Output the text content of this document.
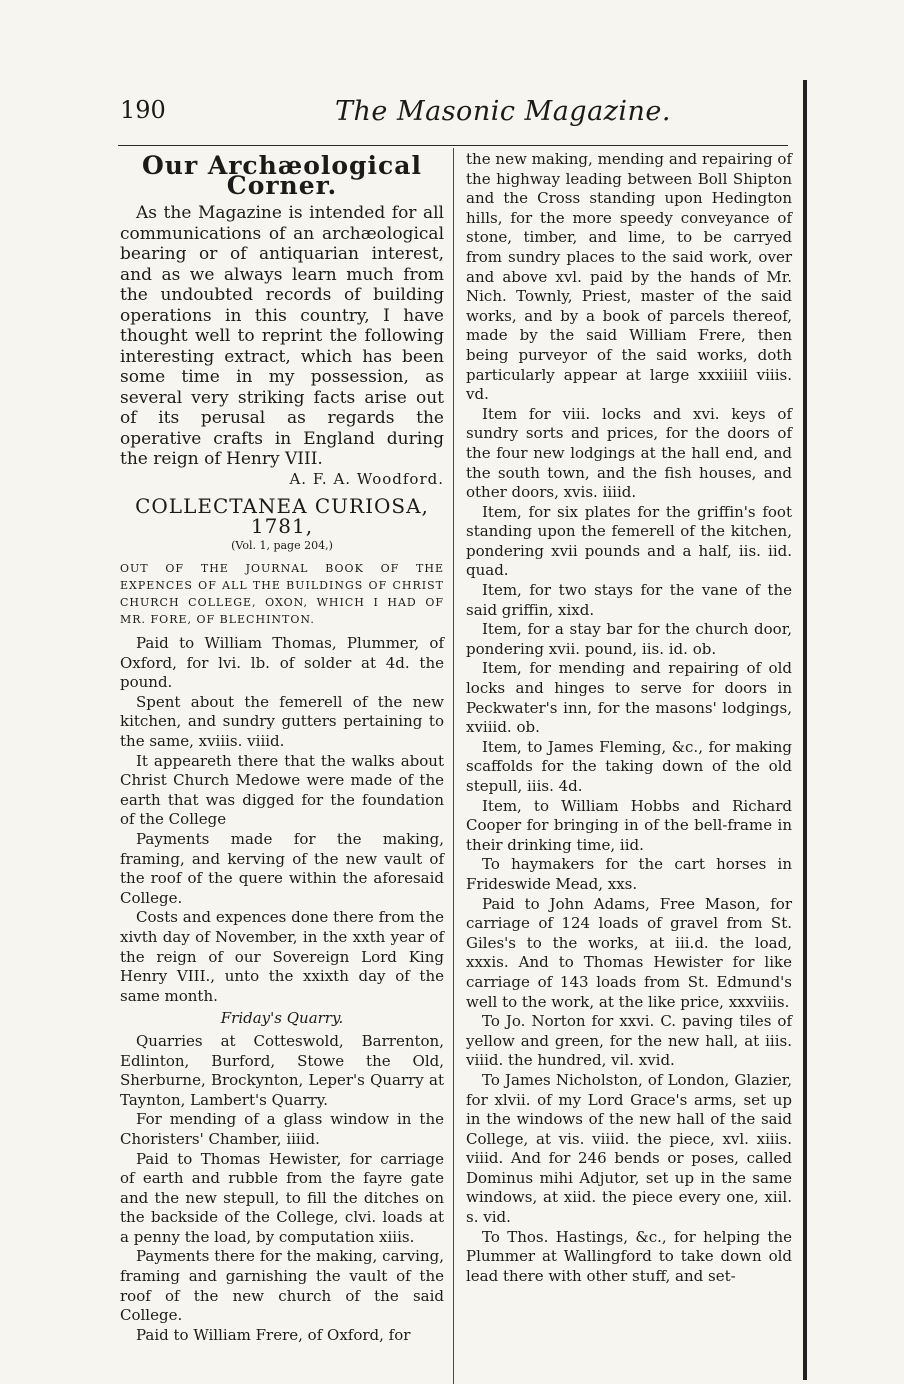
190	The Masonic Magazine.
Our Archæological Corner.

As the Magazine is intended for all communications of an archæological bearing or of antiquarian interest, and as we always learn much from the undoubted records of building operations in this country, I have thought well to reprint the following interesting extract, which has been some time in my possession, as several very striking facts arise out of its perusal as regards the operative crafts in England during the reign of Henry VIII.

A. F. A. Woodford.
COLLECTANEA CURIOSA, 1781,
(Vol. 1, page 204,)
OUT OF THE JOURNAL BOOK OF THE EXPENCES OF ALL THE BUILDINGS OF CHRIST CHURCH COLLEGE, OXON, WHICH I HAD OF MR. FORE, OF BLECHINTON.

Paid to William Thomas, Plummer, of Oxford, for lvi. lb. of solder at 4d. the pound.

Spent about the femerell of the new kitchen, and sundry gutters pertaining to the same, xviiis. viiid.

It appeareth there that the walks about Christ Church Medowe were made of the earth that was digged for the foundation of the College

Payments made for the making, framing, and kerving of the new vault of the roof of the quere within the aforesaid College.

Costs and expences done there from the xivth day of November, in the xxth year of the reign of our Sovereign Lord King Henry VIII., unto the xxixth day of the same month.

Friday's Quarry.

Quarries at Cotteswold, Barrenton, Edlinton, Burford, Stowe the Old, Sherburne, Brockynton, Leper's Quarry at Taynton, Lambert's Quarry.

For mending of a glass window in the Choristers' Chamber, iiiid.

Paid to Thomas Hewister, for carriage of earth and rubble from the fayre gate and the new stepull, to fill the ditches on the backside of the College, clvi. loads at a penny the load, by computation xiiis.

Payments there for the making, carving, framing and garnishing the vault of the roof of the new church of the said College.

Paid to William Frere, of Oxford, for

the new making, mending and repairing of the highway leading between Boll Shipton and the Cross standing upon Hedington hills, for the more speedy conveyance of stone, timber, and lime, to be carryed from sundry places to the said work, over and above xvl. paid by the hands of Mr. Nich. Townly, Priest, master of the said works, and by a book of parcels thereof, made by the said William Frere, then being purveyor of the said works, doth particularly appear at large xxxiiiil viiis. vd.

Item for viii. locks and xvi. keys of sundry sorts and prices, for the doors of the four new lodgings at the hall end, and the south town, and the fish houses, and other doors, xvis. iiiid.

Item, for six plates for the griffin's foot standing upon the femerell of the kitchen, pondering xvii pounds and a half, iis. iid. quad.

Item, for two stays for the vane of the said griffin, xixd.

Item, for a stay bar for the church door, pondering xvii. pound, iis. id. ob.

Item, for mending and repairing of old locks and hinges to serve for doors in Peckwater's inn, for the masons' lodgings, xviiid. ob.

Item, to James Fleming, &c., for making scaffolds for the taking down of the old stepull, iiis. 4d.

Item, to William Hobbs and Richard Cooper for bringing in of the bell-frame in their drinking time, iid.

To haymakers for the cart horses in Frideswide Mead, xxs.

Paid to John Adams, Free Mason, for carriage of 124 loads of gravel from St. Giles's to the works, at iii.d. the load, xxxis. And to Thomas Hewister for like carriage of 143 loads from St. Edmund's well to the work, at the like price, xxxviiis.

To Jo. Norton for xxvi. C. paving tiles of yellow and green, for the new hall, at iiis. viiid. the hundred, vil. xvid.

To James Nicholston, of London, Glazier, for xlvii. of my Lord Grace's arms, set up in the windows of the new hall of the said College, at vis. viiid. the piece, xvl. xiiis. viiid. And for 246 bends or poses, called Dominus mihi Adjutor, set up in the same windows, at xiid. the piece every one, xiil. s. vid.

To Thos. Hastings, &c., for helping the Plummer at Wallingford to take down old lead there with other stuff, and set-
